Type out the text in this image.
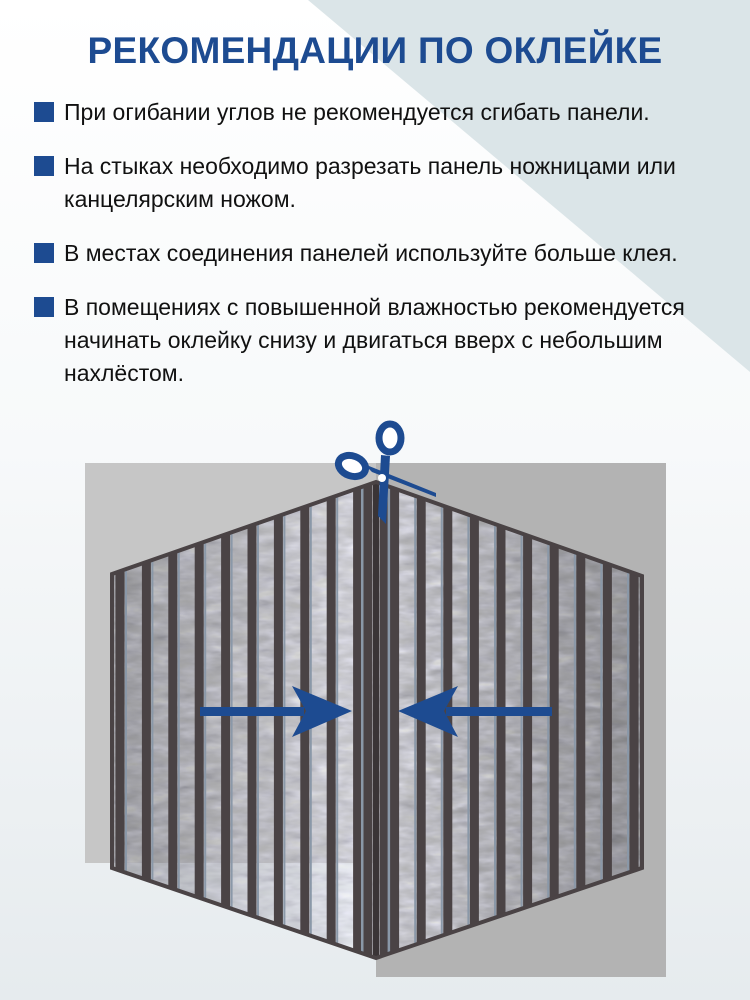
РЕКОМЕНДАЦИИ ПО ОКЛЕЙКЕ
При огибании углов не рекомендуется сгибать панели.
На стыках необходимо разрезать панель ножницами или канцелярским ножом.
В местах соединения панелей используйте больше клея.
В помещениях с повышенной влажностью рекомендуется начинать оклейку снизу и двигаться вверх с небольшим нахлёстом.
